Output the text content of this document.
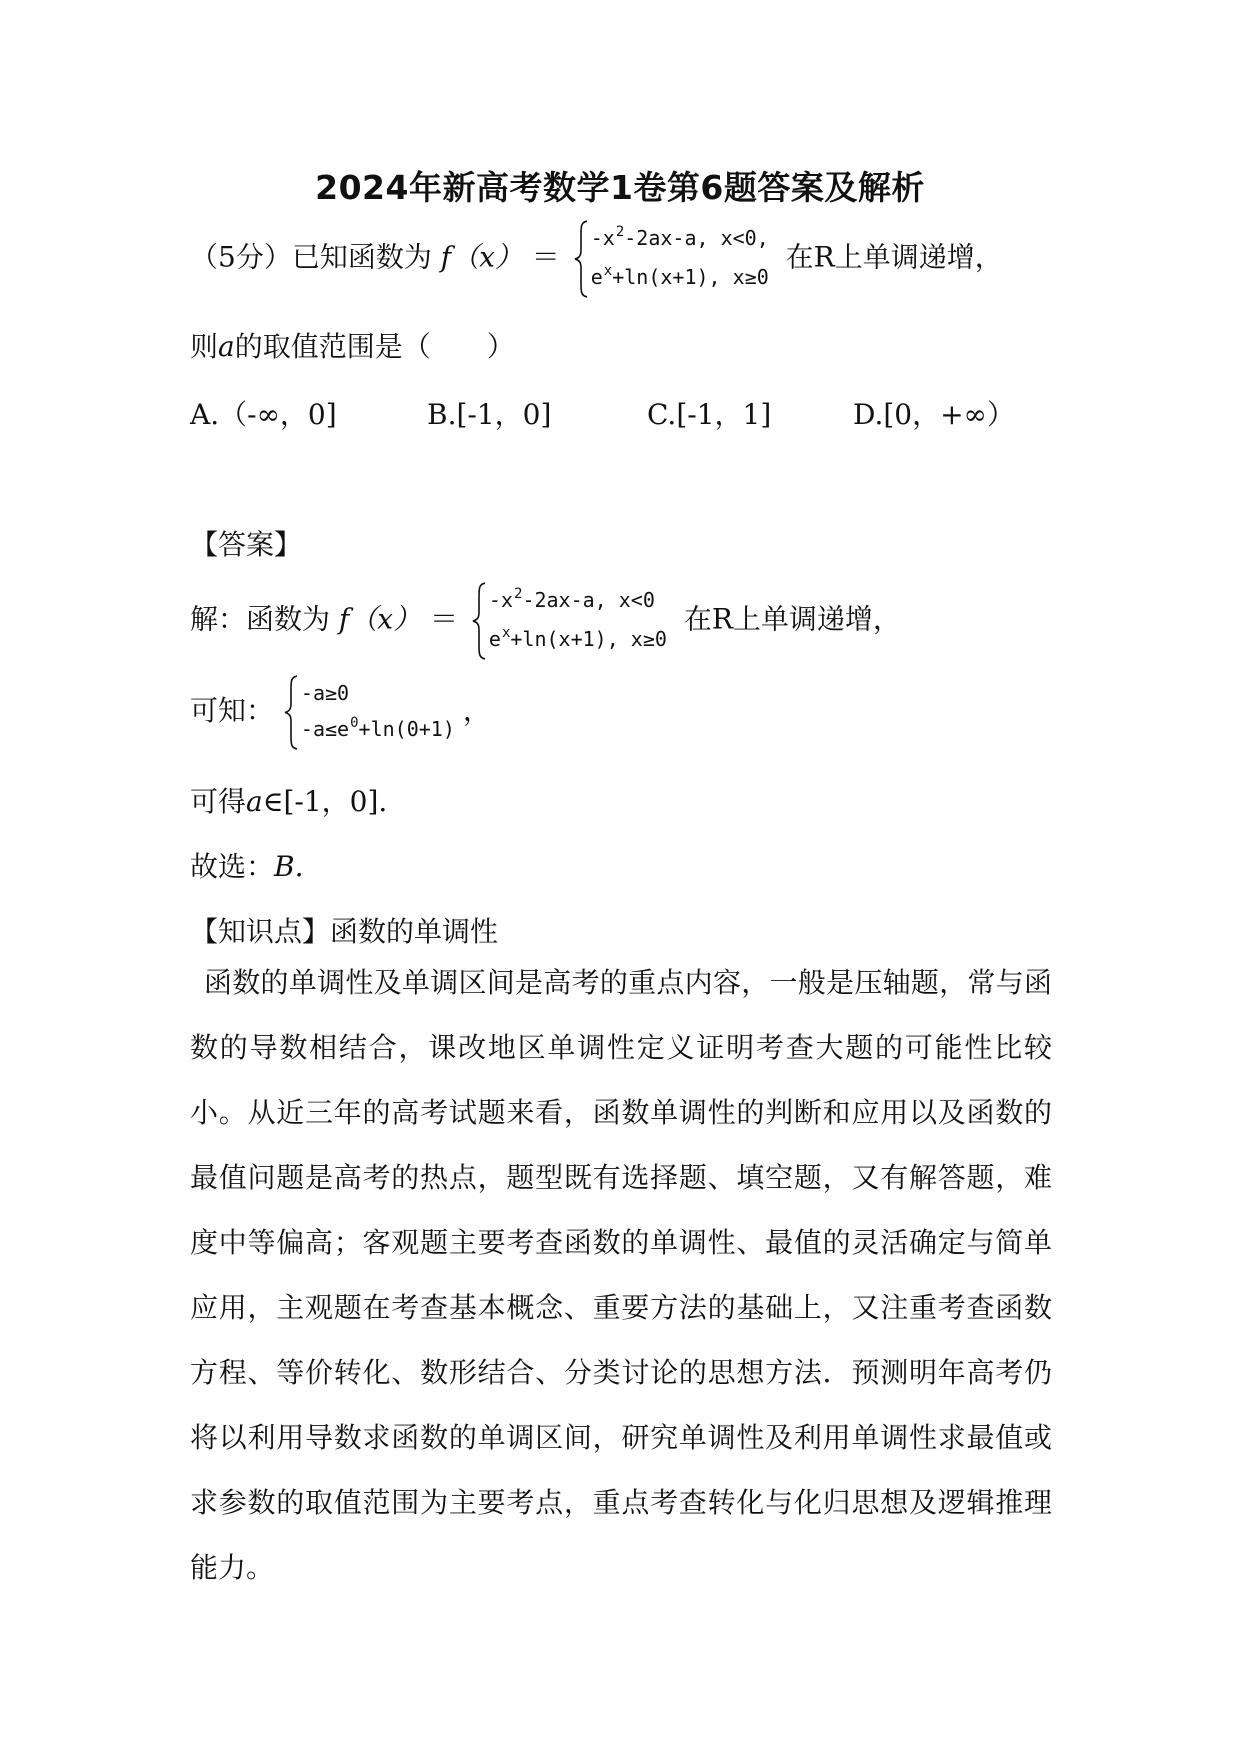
2024年新高考数学1卷第6题答案及解析
（5分）已知函数为 f（x） ＝
$-x^2-2ax-a$, x<0,
$e^x+\ln(x+1)$, x≥0
在R上单调递增，
则a的取值范围是（　　）
A.（-∞，0]	B.[-1，0]	C.[-1，1]	D.[0，+∞）
【答案】
解：函数为 f（x） ＝
$-x^2-2ax-a$, x<0
$e^x+\ln(x+1)$, x≥0
在R上单调递增，
可知：
-a≥0
$-a\le e^0+\ln(0+1)$
，
可得a∈[-1，0].
故选：B.
【知识点】函数的单调性

函数的单调性及单调区间是高考的重点内容，一般是压轴题，常与函数的导数相结合，课改地区单调性定义证明考查大题的可能性比较小。从近三年的高考试题来看，函数单调性的判断和应用以及函数的最值问题是高考的热点，题型既有选择题、填空题，又有解答题，难度中等偏高；客观题主要考查函数的单调性、最值的灵活确定与简单应用，主观题在考查基本概念、重要方法的基础上，又注重考查函数方程、等价转化、数形结合、分类讨论的思想方法．预测明年高考仍将以利用导数求函数的单调区间，研究单调性及利用单调性求最值或求参数的取值范围为主要考点，重点考查转化与化归思想及逻辑推理能力。
